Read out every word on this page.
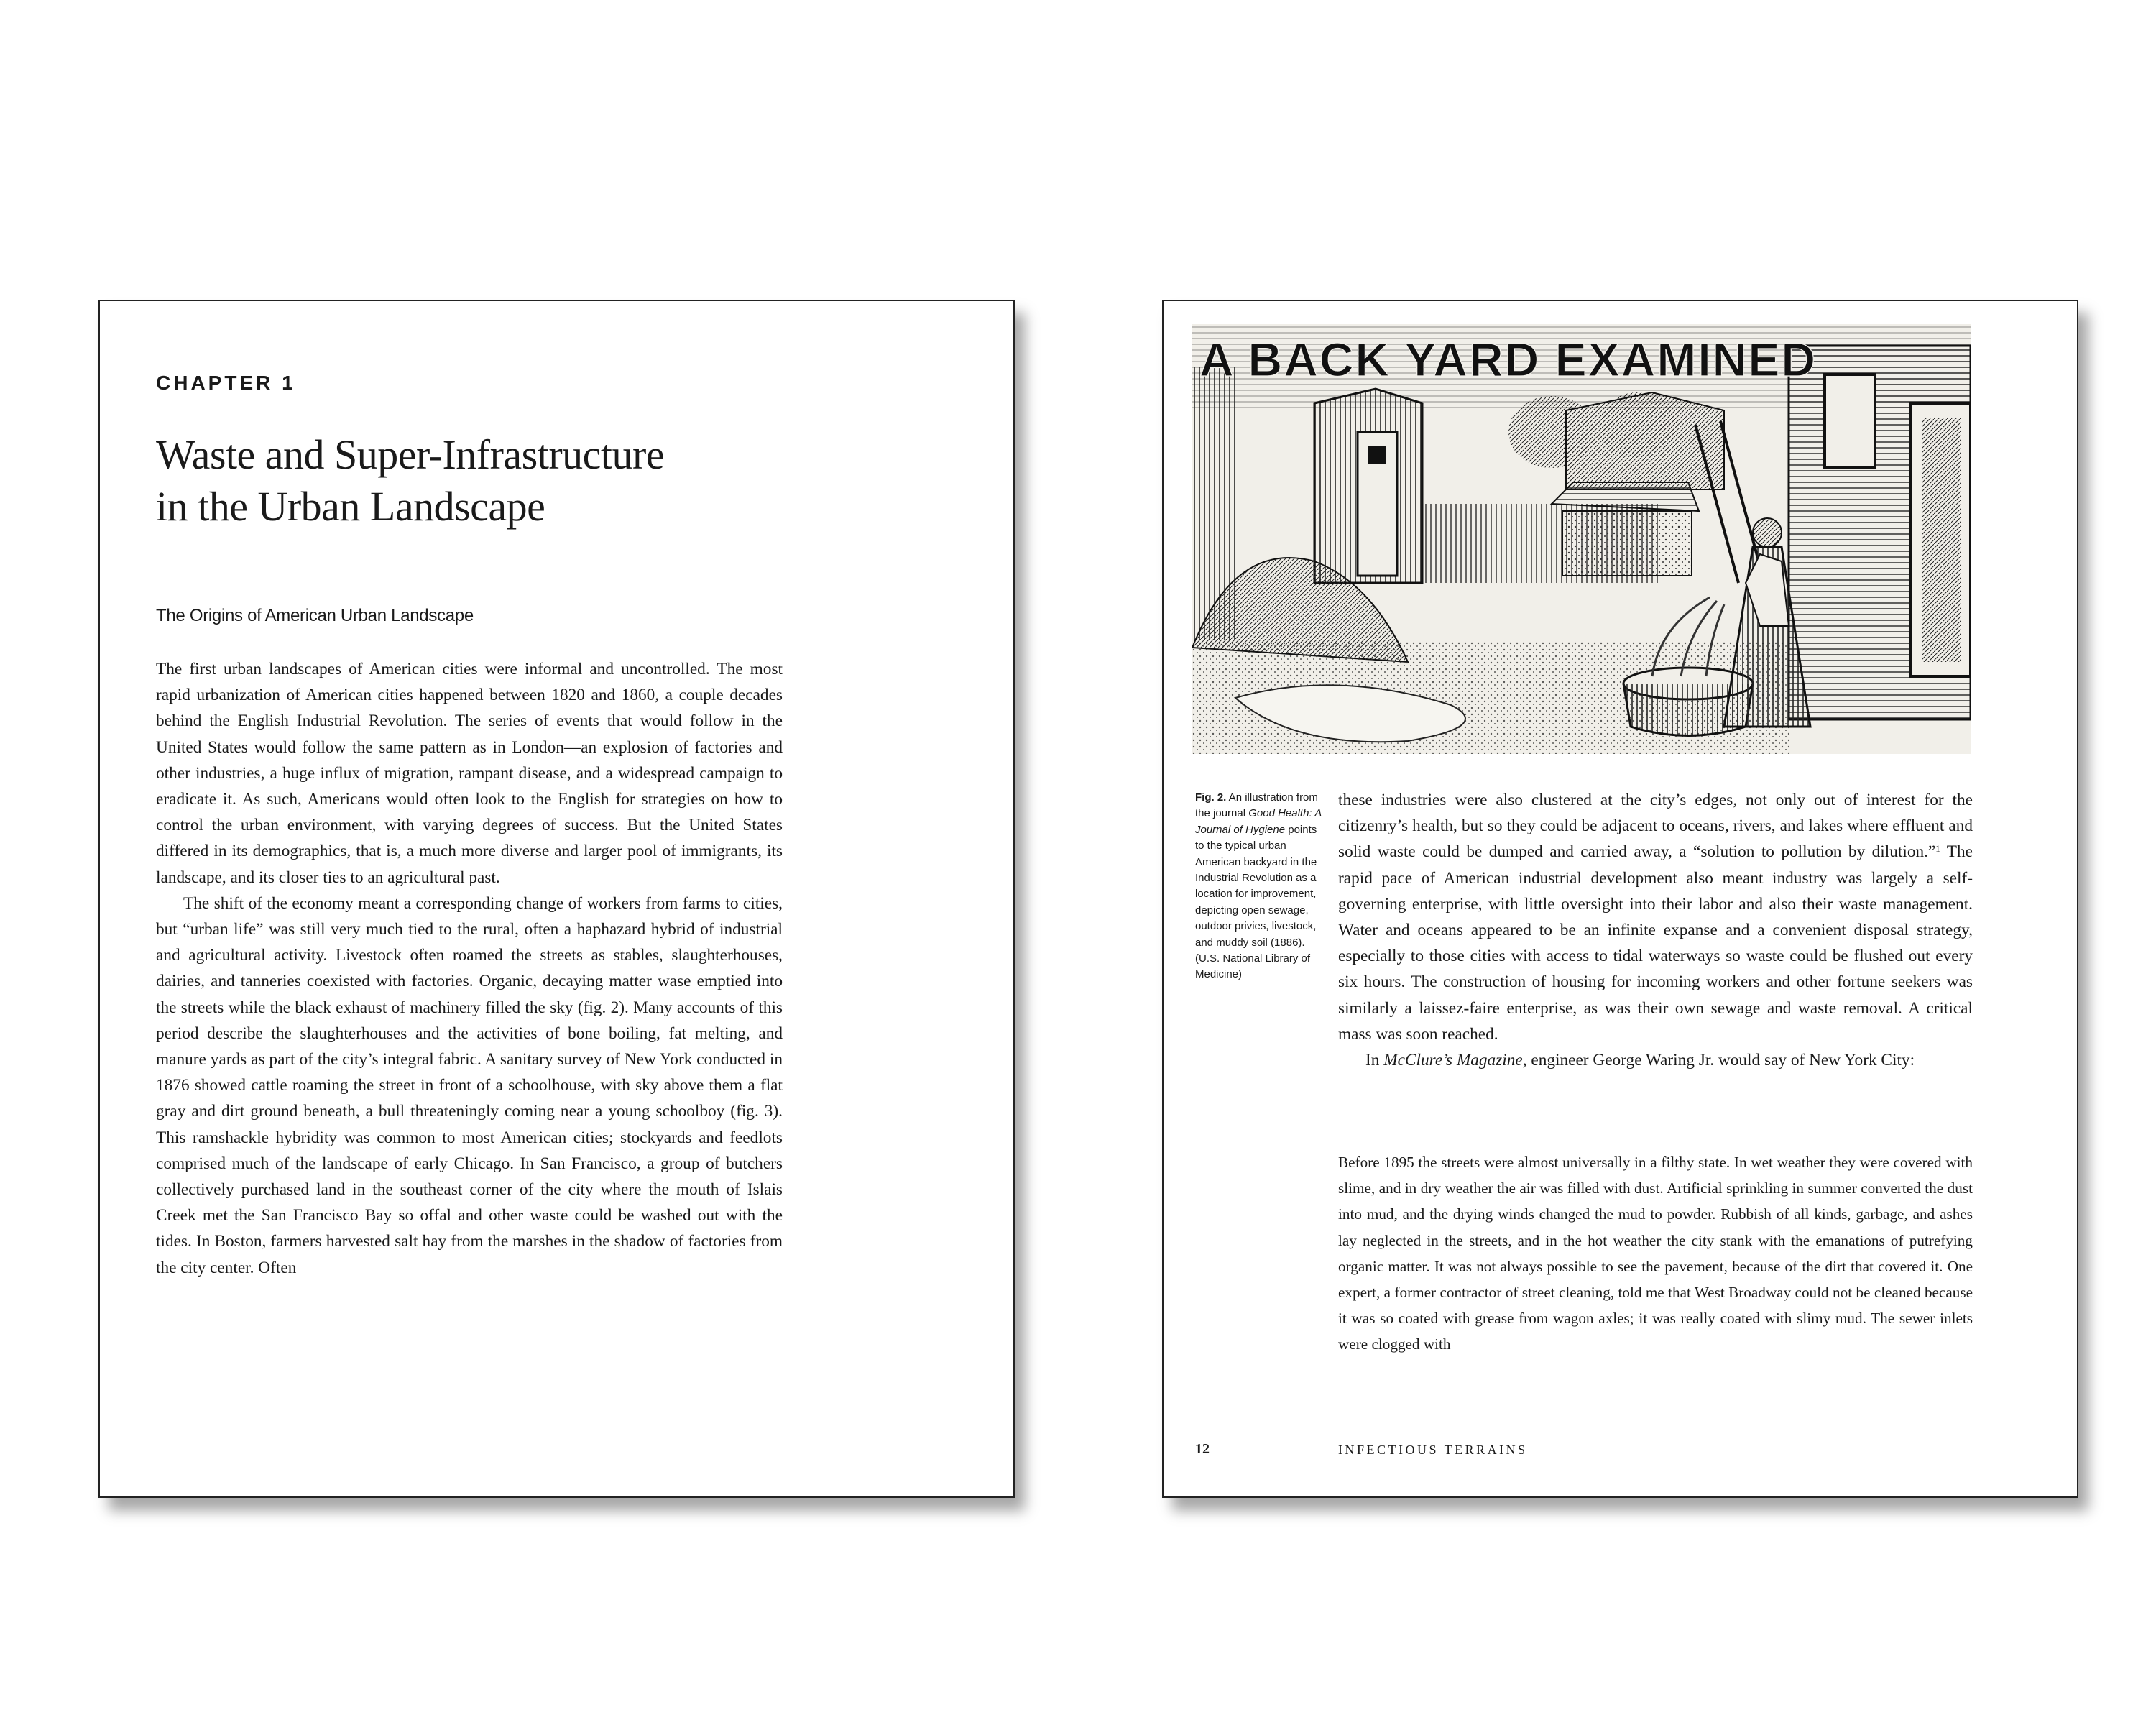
CHAPTER 1
Waste and Super-Infrastructure
in the Urban Landscape
The Origins of American Urban Landscape

The first urban landscapes of American cities were informal and uncontrolled. The most rapid urbanization of American cities happened between 1820 and 1860, a couple decades behind the English Industrial Revolution. The series of events that would follow in the United States would follow the same pattern as in London—an explosion of factories and other industries, a huge influx of migration, rampant disease, and a widespread campaign to eradicate it. As such, Americans would often look to the English for strategies on how to control the urban environment, with varying degrees of success. But the United States differed in its demographics, that is, a much more diverse and larger pool of immigrants, its landscape, and its closer ties to an agricultural past.

The shift of the economy meant a corresponding change of workers from farms to cities, but “urban life” was still very much tied to the rural, often a haphazard hybrid of industrial and agricultural activity. Livestock often roamed the streets as stables, slaughterhouses, dairies, and tanneries coexisted with factories. Organic, decaying matter wase emptied into the streets while the black exhaust of machinery filled the sky (fig. 2). Many accounts of this period describe the slaughterhouses and the activities of bone boiling, fat melting, and manure yards as part of the city’s integral fabric. A sanitary survey of New York conducted in 1876 showed cattle roaming the street in front of a schoolhouse, with sky above them a flat gray and dirt ground beneath, a bull threateningly coming near a young schoolboy (fig. 3). This ramshackle hybridity was common to most American cities; stockyards and feedlots comprised much of the landscape of early Chicago. In San Francisco, a group of butchers collectively purchased land in the southeast corner of the city where the mouth of Islais Creek met the San Francisco Bay so offal and other waste could be washed out with the tides. In Boston, farmers harvested salt hay from the marshes in the shadow of factories from the city center. Often

A BACK YARD EXAMINED
Fig. 2. An illustration from the journal Good Health: A Journal of Hygiene points to the typical urban American backyard in the Industrial Revolution as a location for improvement, depicting open sewage, outdoor privies, livestock, and muddy soil (1886). (U.S. National Library of Medicine)

these industries were also clustered at the city’s edges, not only out of interest for the citizenry’s health, but so they could be adjacent to oceans, rivers, and lakes where effluent and solid waste could be dumped and carried away, a “solution to pollution by dilution.”$^1$ The rapid pace of American industrial development also meant industry was largely a self-governing enterprise, with little oversight into their labor and also their waste management. Water and oceans appeared to be an infinite expanse and a convenient disposal strategy, especially to those cities with access to tidal waterways so waste could be flushed out every six hours. The construction of housing for incoming workers and other fortune seekers was similarly a laissez-faire enterprise, as was their own sewage and waste removal. A critical mass was soon reached.

In McClure’s Magazine, engineer George Waring Jr. would say of New York City:

Before 1895 the streets were almost universally in a filthy state. In wet weather they were covered with slime, and in dry weather the air was filled with dust. Artificial sprinkling in summer converted the dust into mud, and the drying winds changed the mud to powder. Rubbish of all kinds, garbage, and ashes lay neglected in the streets, and in the hot weather the city stank with the emanations of putrefying organic matter. It was not always possible to see the pavement, because of the dirt that covered it. One expert, a former contractor of street cleaning, told me that West Broadway could not be cleaned because it was so coated with grease from wagon axles; it was really coated with slimy mud. The sewer inlets were clogged with
12	INFECTIOUS TERRAINS
